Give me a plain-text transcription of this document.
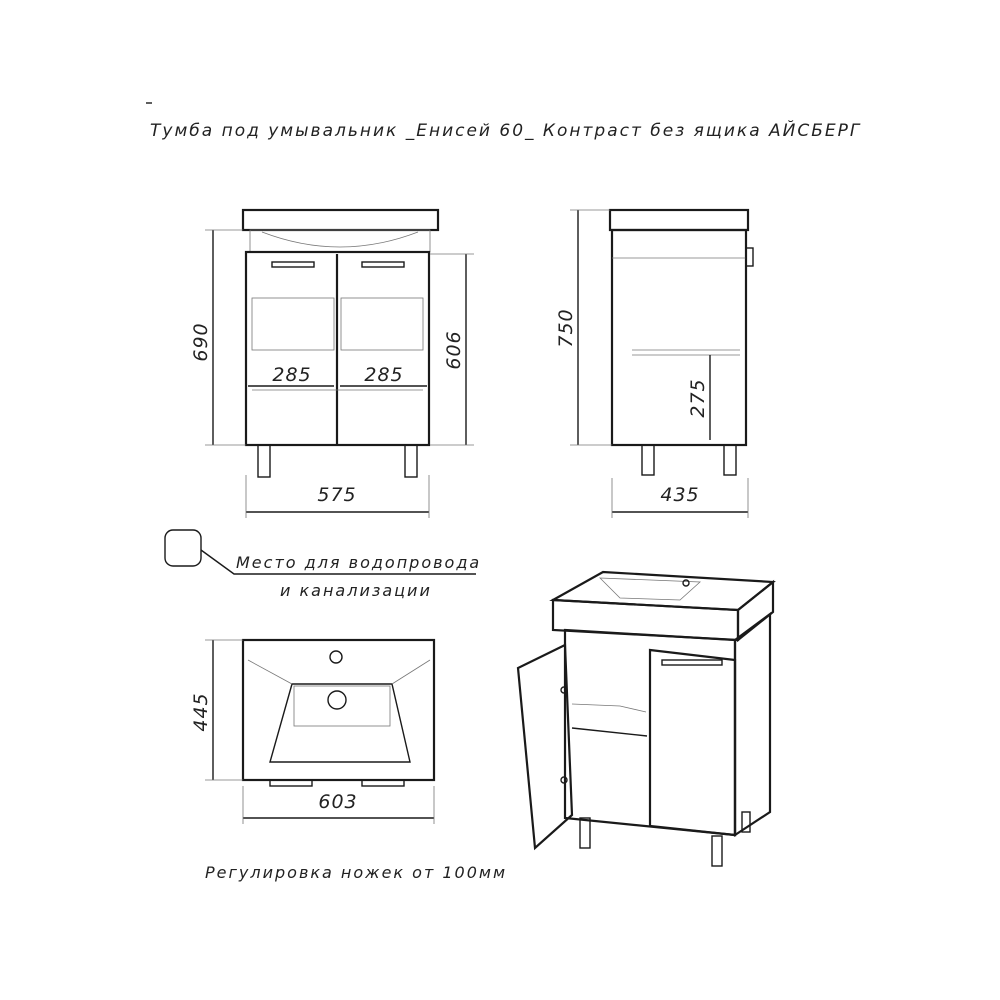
Тумба под умывальник _Енисей 60_ Контраст без ящика АЙСБЕРГ
690	606
285	285
575
750
275
435
Место для водопровода
и канализации
445
603
Регулировка ножек от 100мм
